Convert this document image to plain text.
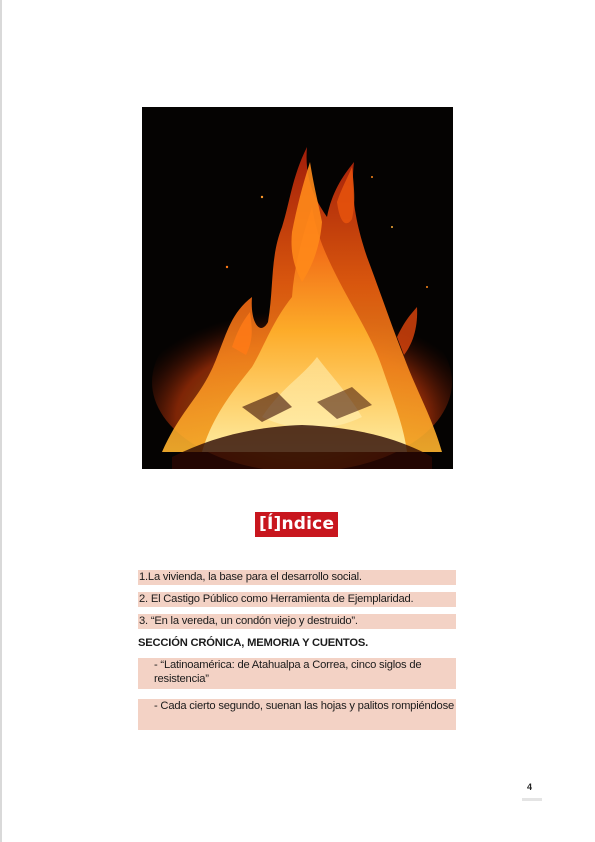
[Í]ndice
1.La vivienda, la base para el desarrollo social.
2. El Castigo Público como Herramienta de Ejemplaridad.
3. “En la vereda, un condón viejo y destruido”.
SECCIÓN CRÓNICA, MEMORIA Y CUENTOS.
- “Latinoamérica: de Atahualpa a Correa, cinco siglos de resistencia”
- Cada cierto segundo, suenan las hojas y palitos rompiéndose
4
